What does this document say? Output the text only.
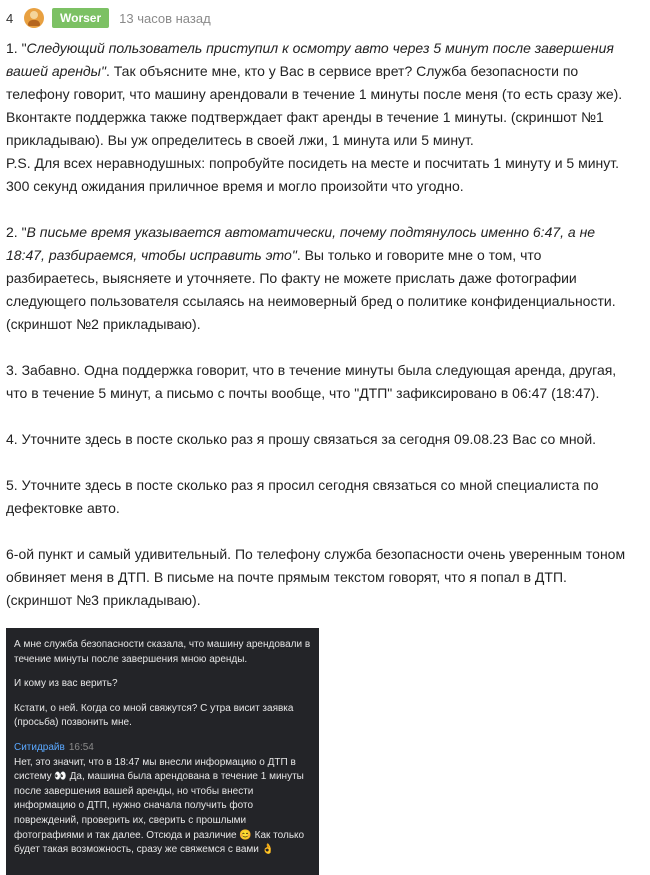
4	Worser	13 часов назад

1. "Следующий пользователь приступил к осмотру авто через 5 минут после завершения вашей аренды". Так объясните мне, кто у Вас в сервисе врет? Служба безопасности по телефону говорит, что машину арендовали в течение 1 минуты после меня (то есть сразу же). Вконтакте поддержка также подтверждает факт аренды в течение 1 минуты. (скриншот №1 прикладываю). Вы уж определитесь в своей лжи, 1 минута или 5 минут.
P.S. Для всех неравнодушных: попробуйте посидеть на месте и посчитать 1 минуту и 5 минут. 300 секунд ожидания приличное время и могло произойти что угодно.

2. "В письме время указывается автоматически, почему подтянулось именно 6:47, а не 18:47, разбираемся, чтобы исправить это". Вы только и говорите мне о том, что разбираетесь, выясняете и уточняете. По факту не можете прислать даже фотографии следующего пользователя ссылаясь на неимоверный бред о политике конфиденциальности. (скриншот №2 прикладываю).

3. Забавно. Одна поддержка говорит, что в течение минуты была следующая аренда, другая, что в течение 5 минут, а письмо с почты вообще, что "ДТП" зафиксировано в 06:47 (18:47).

4. Уточните здесь в посте сколько раз я прошу связаться за сегодня 09.08.23 Вас со мной.

5. Уточните здесь в посте сколько раз я просил сегодня связаться со мной специалиста по дефектовке авто.

6-ой пункт и самый удивительный. По телефону служба безопасности очень уверенным тоном обвиняет меня в ДТП. В письме на почте прямым текстом говорят, что я попал в ДТП. (скриншот №3 прикладываю).

А мне служба безопасности сказала, что машину арендовали в течение минуты после завершения мною аренды.

И кому из вас верить?

Кстати, о ней. Когда со мной свяжутся? С утра висит заявка (просьба) позвонить мне.

Ситидрайв 16:54

Нет, это значит, что в 18:47 мы внесли информацию о ДТП в систему 👀 Да, машина была арендована в течение 1 минуты после завершения вашей аренды, но чтобы внести информацию о ДТП, нужно сначала получить фото повреждений, проверить их, сверить с прошлыми фотографиями и так далее. Отсюда и различие 😊 Как только будет такая возможность, сразу же свяжемся с вами 👌
